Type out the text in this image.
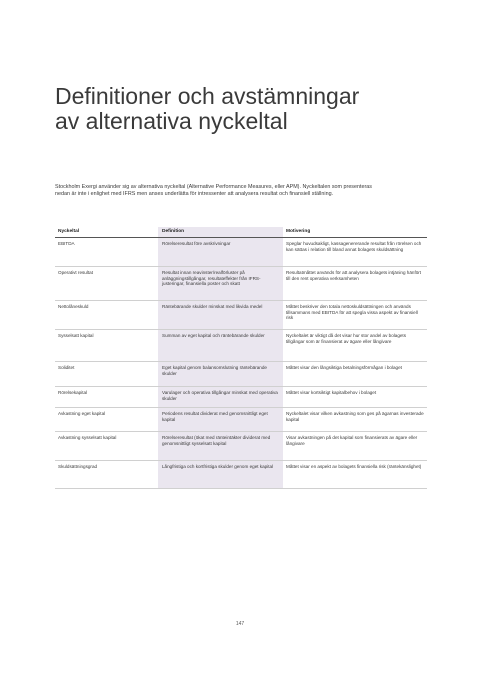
Definitioner och avstämningar
av alternativa nyckeltal

Stockholm Exergi använder sig av alternativa nyckeltal (Alternative Performance Measures, eller APM). Nyckeltalen som presenteras nedan är inte i enlighet med IFRS men anses underlätta för intressenter att analysera resultat och finansiell ställning.

Nyckeltal	Definition	Motivering
EBITDA	Rörelseresultat före avskrivningar	Speglar huvudsakligt, kassagenererande resultat från rörelsen och kan sättas i relation till bland annat bolagets skuldsättning
Operativt resultat	Resultat innan reavinster/realförluster på anläggningstillgångar, resultateffekter från IFRS-justeringar, finansiella poster och skatt	Resultatmåttet används för att analysera bolagets intjäning hänfört till den rent operativa verksamheten
Nettolåneskuld	Räntebärande skulder minskat med likvida medel	Måttet beskriver den totala nettoskuldsättningen och används tillsammans med EBITDA för att spegla vissa aspekt av finansiell risk
Sysselsatt kapital	Summan av eget kapital och räntebärande skulder	Nyckeltalet är viktigt då det visar hur stor andel av bolagets tillgångar som är finansierat av ägare eller långivare
Soliditet	Eget kapital genom balansomslutning räntebärande skulder	Måttet visar den långsiktiga betalningsförmågan i bolaget
Rörelsekapital	Varulager och operativa tillgångar minskat med operativa skulder	Måttet visar kortsiktigt kapitalbehov i bolaget
Avkastning eget kapital	Periodens resultat dividerat med genomsnittligt eget kapital	Nyckeltalet visar vilken avkastning som ges på ägarnas investerade kapital
Avkastning sysselsatt kapital	Rörelseresultat (ökat med ränteintäkter dividerat med genomsnittligt sysselsatt kapital	Visar avkastningen på det kapital som finansierats av ägare eller långivare
Skuldsättningsgrad	Långfristiga och kortfristiga skulder genom eget kapital	Måttet visar en aspekt av bolagets finansiella risk (räntekänslighet)
147
